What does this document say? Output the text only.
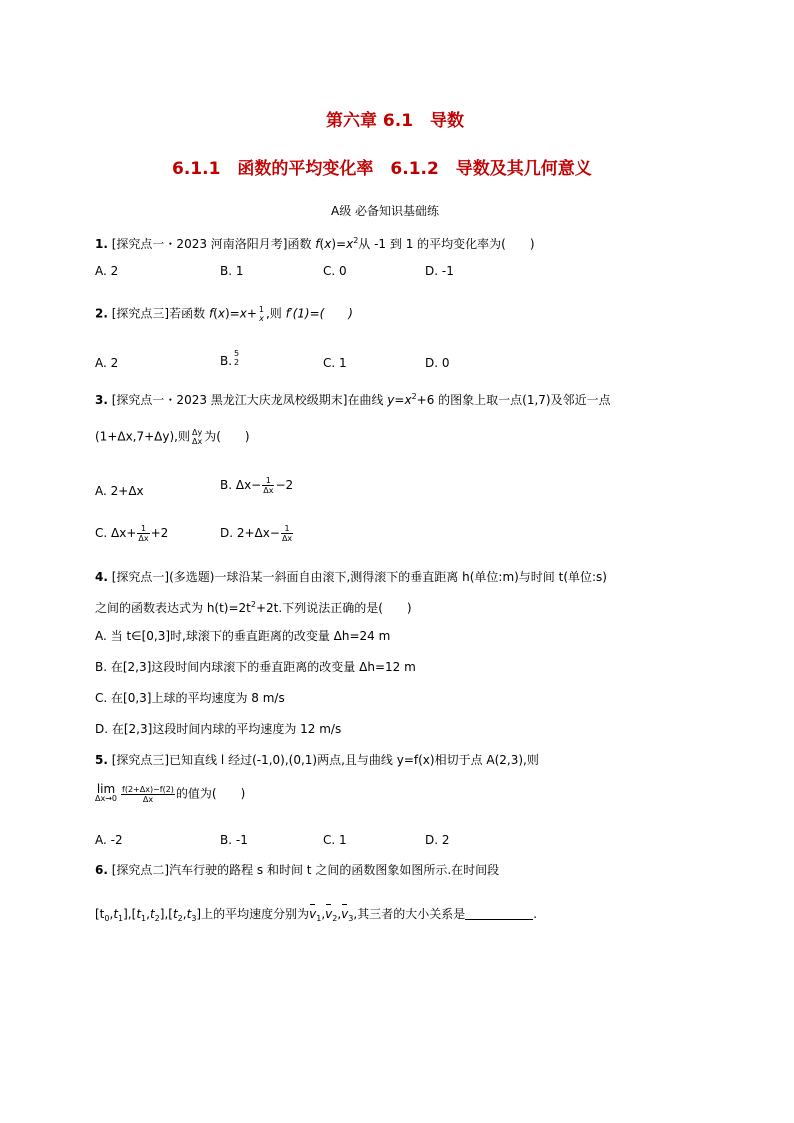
第六章 6.1　导数
6.1.1　函数的平均变化率　6.1.2　导数及其几何意义
A级 必备知识基础练
1. [探究点一・2023 河南洛阳月考]函数 $f(x)=x^2$从 -1 到 1 的平均变化率为(　　)
A. 2	B. 1	C. 0	D. -1
2. [探究点三]若函数 f(x)=x+ 1
x ,则 f′(1)=(　　)
A. 2	B.
5
2	C. 1	D. 0
3. [探究点一・2023 黑龙江大庆龙凤校级期末]在曲线 $y=x^2+6$ 的图象上取一点(1,7)及邻近一点
(1+Δx,7+Δy),则 Δy
Δx 为(　　)
A. 2+Δx	B. $\Delta x- \frac{1}{\Delta x} -2$
C. $\Delta x+ \frac{1}{\Delta x} +2$	D. $2+\Delta x- \frac{1}{\Delta x}$
4. [探究点一](多选题)一球沿某一斜面自由滚下,测得滚下的垂直距离 h(单位:m)与时间 t(单位:s)
之间的函数表达式为 $h(t)=2t^2+2t$.下列说法正确的是(　　)
A. 当 t∈[0,3]时,球滚下的垂直距离的改变量 Δh=24 m
B. 在[2,3]这段时间内球滚下的垂直距离的改变量 Δh=12 m
C. 在[0,3]上球的平均速度为 8 m/s
D. 在[2,3]这段时间内球的平均速度为 12 m/s
5. [探究点三]已知直线 l 经过(-1,0),(0,1)两点,且与曲线 y=f(x)相切于点 A(2,3),则
lim
$\Delta x\to 0 \frac{f(2+\Delta x)-f(2)}{\Delta x}$ 的值为(　　)
A. -2	B. -1	C. 1	D. 2
6. [探究点二]汽车行驶的路程 s 和时间 t 之间的函数图象如图所示.在时间段
$[t_0,t_1],[t_1,t_2],[t_2,t_3]$上的平均速度分别为$v_1,v_2,v_3$,其三者的大小关系是	.
